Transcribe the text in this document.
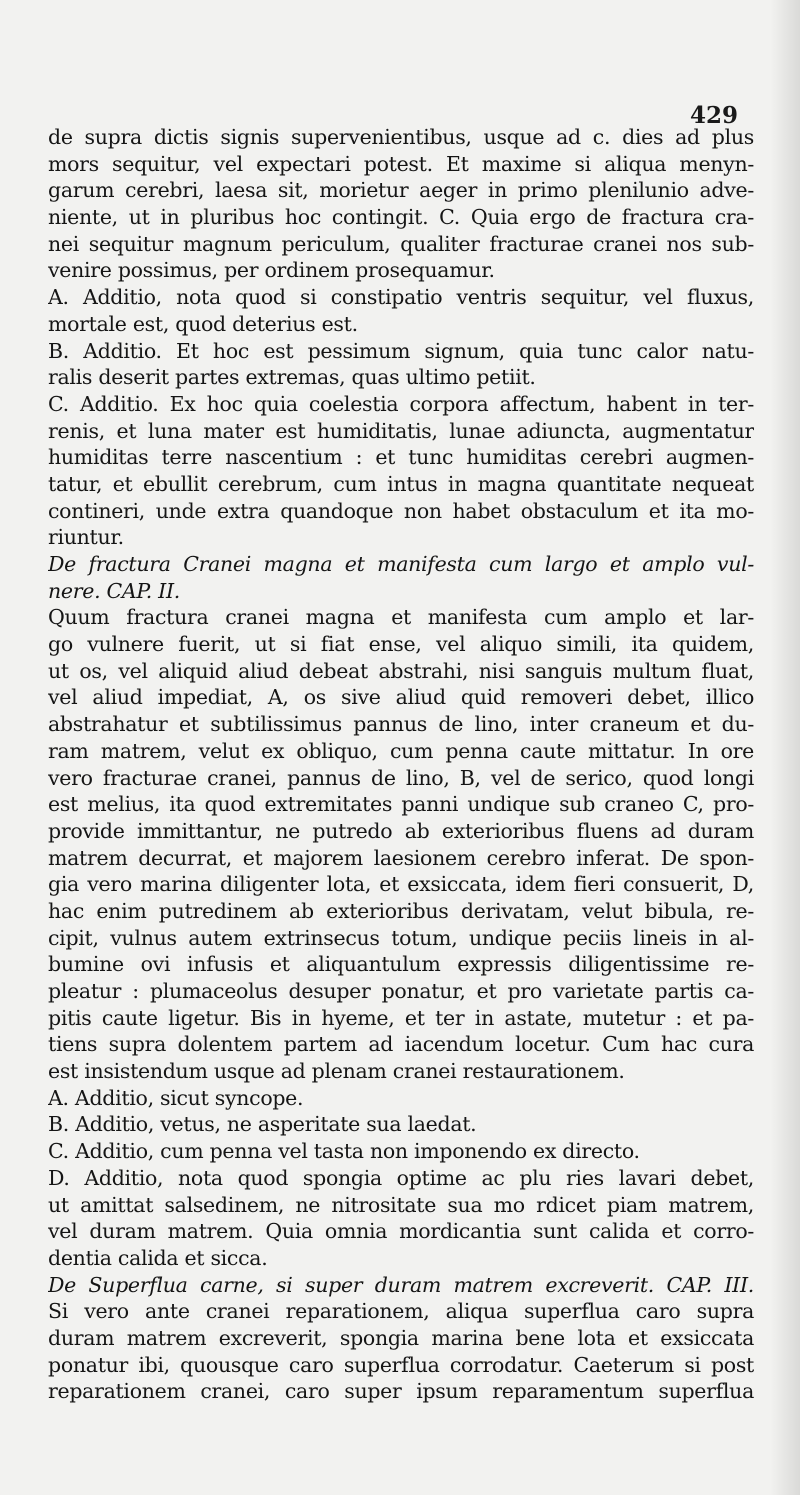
429

de supra dictis signis supervenientibus, usque ad c. dies ad plus
mors sequitur, vel expectari potest. Et maxime si aliqua menyn-
garum cerebri, laesa sit, morietur aeger in primo plenilunio adve-
niente, ut in pluribus hoc contingit. C. Quia ergo de fractura cra-
nei sequitur magnum periculum, qualiter fracturae cranei nos sub-
venire possimus, per ordinem prosequamur.
A. Additio, nota quod si constipatio ventris sequitur, vel fluxus,
mortale est, quod deterius est.
B. Additio. Et hoc est pessimum signum, quia tunc calor natu-
ralis deserit partes extremas, quas ultimo petiit.
C. Additio. Ex hoc quia coelestia corpora affectum, habent in ter-
renis, et luna mater est humiditatis, lunae adiuncta, augmentatur
humiditas terre nascentium : et tunc humiditas cerebri augmen-
tatur, et ebullit cerebrum, cum intus in magna quantitate nequeat
contineri, unde extra quandoque non habet obstaculum et ita mo-
riuntur.
De fractura Cranei magna et manifesta cum largo et amplo vul-
nere. CAP. II.
Quum fractura cranei magna et manifesta cum amplo et lar-
go vulnere fuerit, ut si fiat ense, vel aliquo simili, ita quidem,
ut os, vel aliquid aliud debeat abstrahi, nisi sanguis multum fluat,
vel aliud impediat, A, os sive aliud quid removeri debet, illico
abstrahatur et subtilissimus pannus de lino, inter craneum et du-
ram matrem, velut ex obliquo, cum penna caute mittatur. In ore
vero fracturae cranei, pannus de lino, B, vel de serico, quod longi
est melius, ita quod extremitates panni undique sub craneo C, pro-
provide immittantur, ne putredo ab exterioribus fluens ad duram
matrem decurrat, et majorem laesionem cerebro inferat. De spon-
gia vero marina diligenter lota, et exsiccata, idem fieri consuerit, D,
hac enim putredinem ab exterioribus derivatam, velut bibula, re-
cipit, vulnus autem extrinsecus totum, undique peciis lineis in al-
bumine ovi infusis et aliquantulum expressis diligentissime re-
pleatur : plumaceolus desuper ponatur, et pro varietate partis ca-
pitis caute ligetur. Bis in hyeme, et ter in astate, mutetur : et pa-
tiens supra dolentem partem ad iacendum locetur. Cum hac cura
est insistendum usque ad plenam cranei restaurationem.
A. Additio, sicut syncope.
B. Additio, vetus, ne asperitate sua laedat.
C. Additio, cum penna vel tasta non imponendo ex directo.
D. Additio, nota quod spongia optime ac plu ries lavari debet,
ut amittat salsedinem, ne nitrositate sua mo rdicet piam matrem,
vel duram matrem. Quia omnia mordicantia sunt calida et corro-
dentia calida et sicca.
De Superflua carne, si super duram matrem excreverit. CAP. III.
Si vero ante cranei reparationem, aliqua superflua caro supra
duram matrem excreverit, spongia marina bene lota et exsiccata
ponatur ibi, quousque caro superflua corrodatur. Caeterum si post
reparationem cranei, caro super ipsum reparamentum superflua
